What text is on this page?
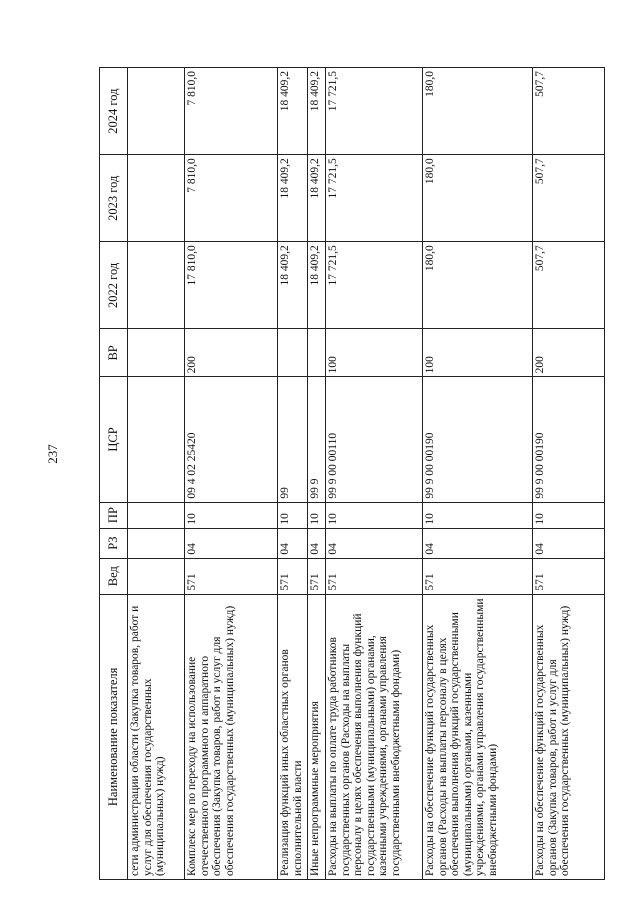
237
Наименование показателя	Вед	РЗ	ПР	ЦСР	ВР	2022 год	2023 год	2024 год
сети администрации области (Закупка товаров, работ и услуг для обеспечения государственных (муниципальных) нужд)								
Комплекс мер по переходу на использование отечественного программного и аппаратного обеспечения (Закупка товаров, работ и услуг для обеспечения государственных (муниципальных) нужд)	571	04	10	09 4 02 25420	200	17 810,0	7 810,0	7 810,0
Реализация функций иных областных органов исполнительной власти	571	04	10	99		18 409,2	18 409,2	18 409,2
Иные непрограммные мероприятия	571	04	10	99 9		18 409,2	18 409,2	18 409,2
Расходы на выплаты по оплате труда работников государственных органов (Расходы на выплаты персоналу в целях обеспечения выполнения функций государственными (муниципальными) органами, казенными учреждениями, органами управления государственными внебюджетными фондами)	571	04	10	99 9 00 00110	100	17 721,5	17 721,5	17 721,5
Расходы на обеспечение функций государственных органов (Расходы на выплаты персоналу в целях обеспечения выполнения функций государственными (муниципальными) органами, казенными учреждениями, органами управления государственными внебюджетными фондами)	571	04	10	99 9 00 00190	100	180,0	180,0	180,0
Расходы на обеспечение функций государственных органов (Закупка товаров, работ и услуг для обеспечения государственных (муниципальных) нужд)	571	04	10	99 9 00 00190	200	507,7	507,7	507,7
